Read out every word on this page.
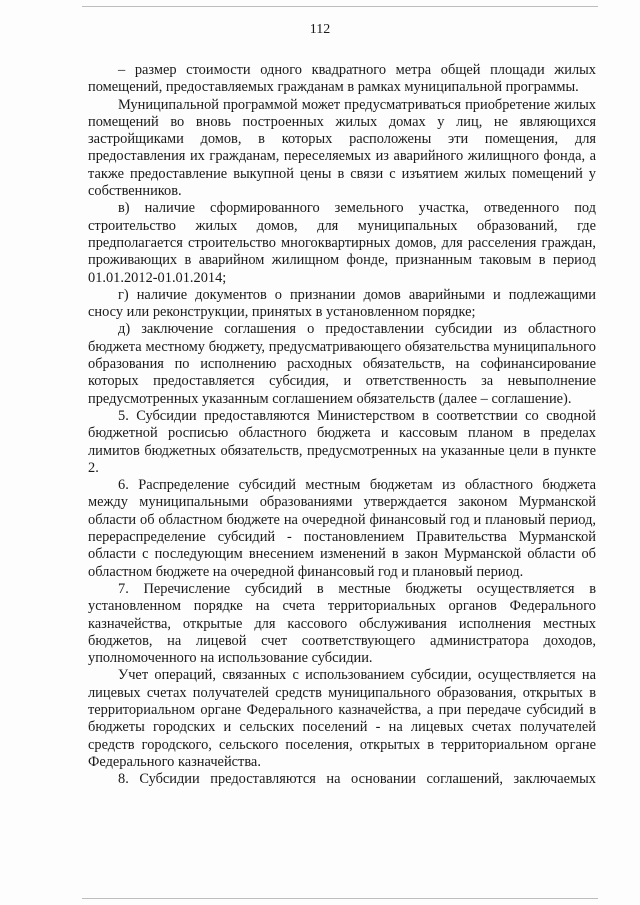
112

– размер стоимости одного квадратного метра общей площади жилых помещений, предоставляемых гражданам в рамках муниципальной программы.

Муниципальной программой может предусматриваться приобретение жилых помещений во вновь построенных жилых домах у лиц, не являющихся застройщиками домов, в которых расположены эти помещения, для предоставления их гражданам, переселяемых из аварийного жилищного фонда, а также предоставление выкупной цены в связи с изъятием жилых помещений у собственников.

в) наличие сформированного земельного участка, отведенного под строительство жилых домов, для муниципальных образований, где предполагается строительство многоквартирных домов, для расселения граждан, проживающих в аварийном жилищном фонде, признанным таковым в период 01.01.2012-01.01.2014;

г) наличие документов о признании домов аварийными и подлежащими сносу или реконструкции, принятых в установленном порядке;

д) заключение соглашения о предоставлении субсидии из областного бюджета местному бюджету, предусматривающего обязательства муниципального образования по исполнению расходных обязательств, на софинансирование которых предоставляется субсидия, и ответственность за невыполнение предусмотренных указанным соглашением обязательств (далее – соглашение).

5. Субсидии предоставляются Министерством в соответствии со сводной бюджетной росписью областного бюджета и кассовым планом в пределах лимитов бюджетных обязательств, предусмотренных на указанные цели в пункте 2.

6. Распределение субсидий местным бюджетам из областного бюджета между муниципальными образованиями утверждается законом Мурманской области об областном бюджете на очередной финансовый год и плановый период, перераспределение субсидий - постановлением Правительства Мурманской области с последующим внесением изменений в закон Мурманской области об областном бюджете на очередной финансовый год и плановый период.

7. Перечисление субсидий в местные бюджеты осуществляется в установленном порядке на счета территориальных органов Федерального казначейства, открытые для кассового обслуживания исполнения местных бюджетов, на лицевой счет соответствующего администратора доходов, уполномоченного на использование субсидии.

Учет операций, связанных с использованием субсидии, осуществляется на лицевых счетах получателей средств муниципального образования, открытых в территориальном органе Федерального казначейства, а при передаче субсидий в бюджеты городских и сельских поселений - на лицевых счетах получателей средств городского, сельского поселения, открытых в территориальном органе Федерального казначейства.

8. Субсидии предоставляются на основании соглашений, заключаемых
